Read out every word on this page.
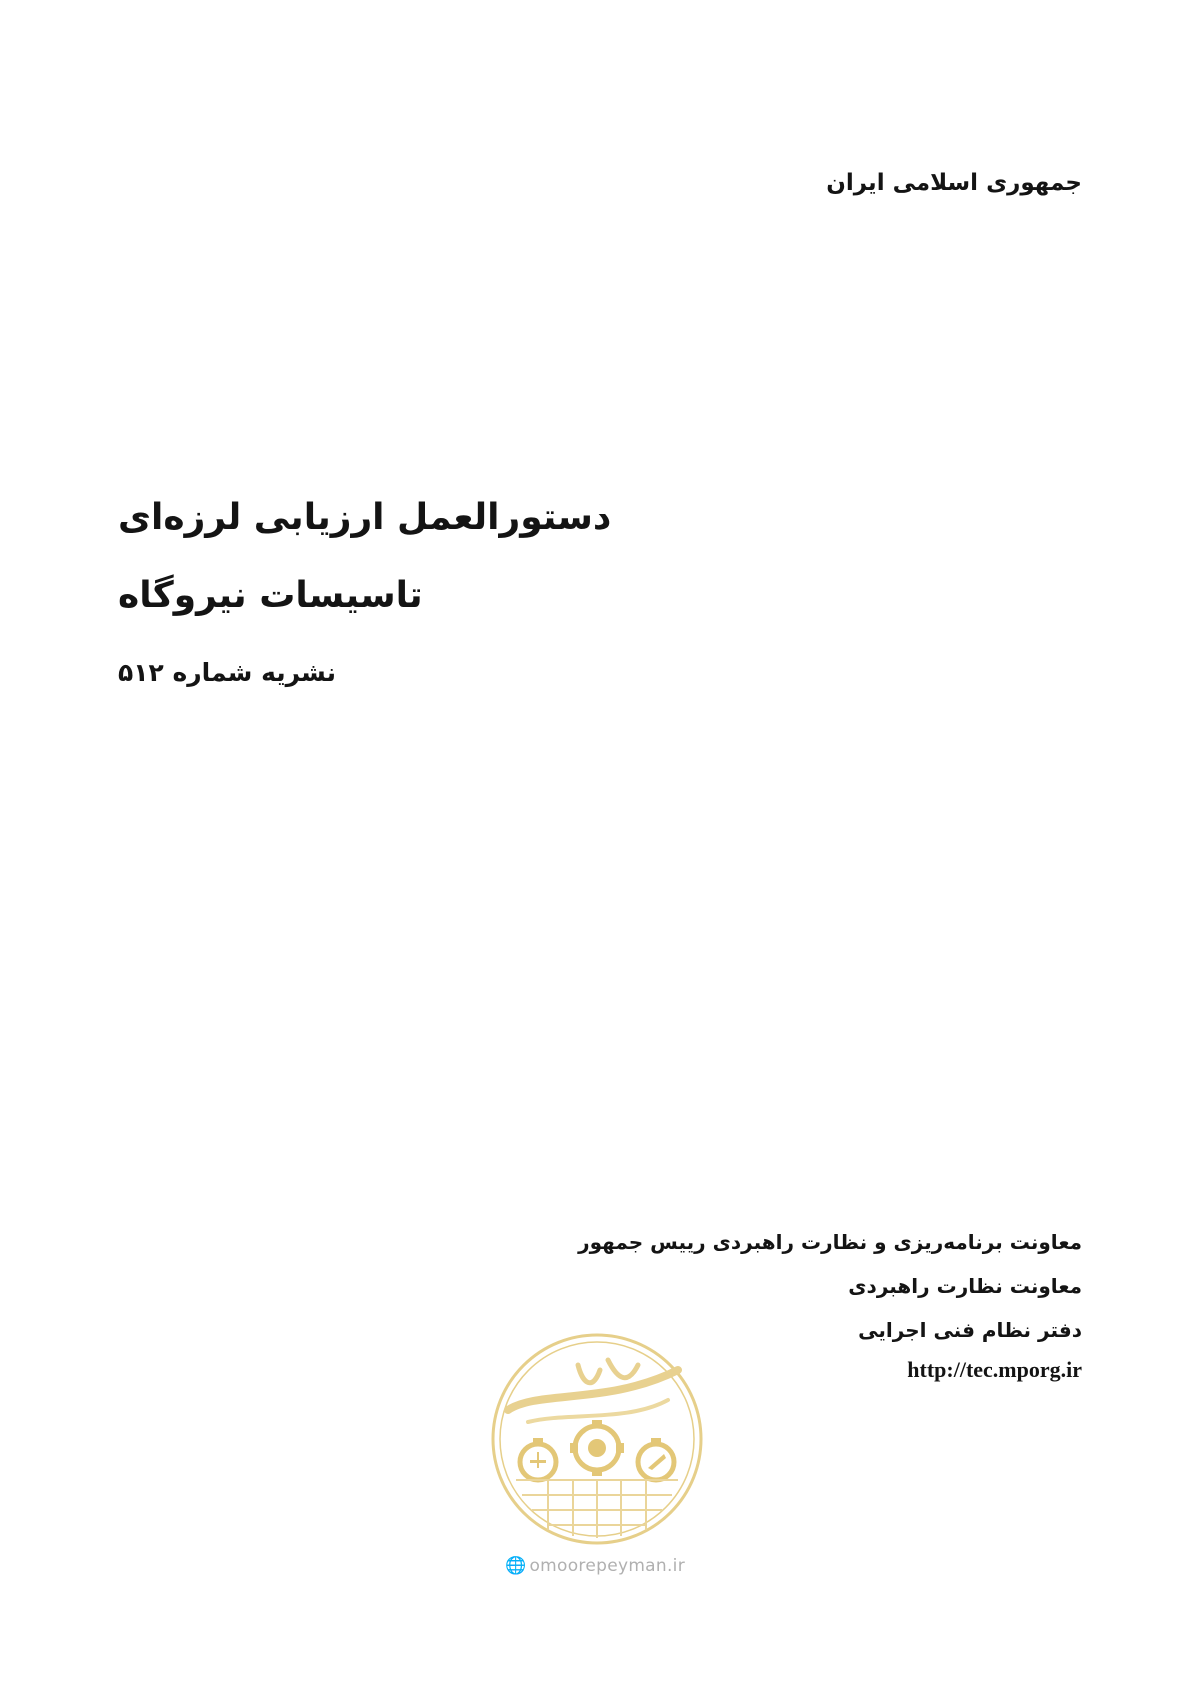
جمهوری اسلامی ایران
دستورالعمل ارزیابی لرزه‌ای
تاسیسات نیروگاه
نشریه شماره ۵۱۲
معاونت برنامه‌ریزی و نظارت راهبردی رییس جمهور
معاونت نظارت راهبردی
دفتر نظام فنی اجرایی
http://tec.mporg.ir
🌐 omoorepeyman.ir
